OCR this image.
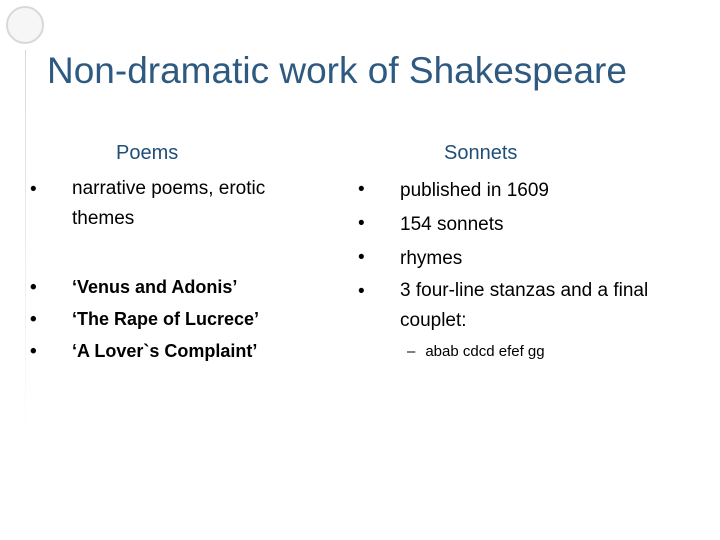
Non-dramatic work of Shakespeare
Poems	Sonnets
• narrative poems, erotic themes
• ‘Venus and Adonis’
• ‘The Rape of Lucrece’
• ‘A Lover`s Complaint’
• published in 1609
• 154 sonnets
• rhymes
• 3 four-line stanzas and a final couplet:
– abab cdcd efef gg
